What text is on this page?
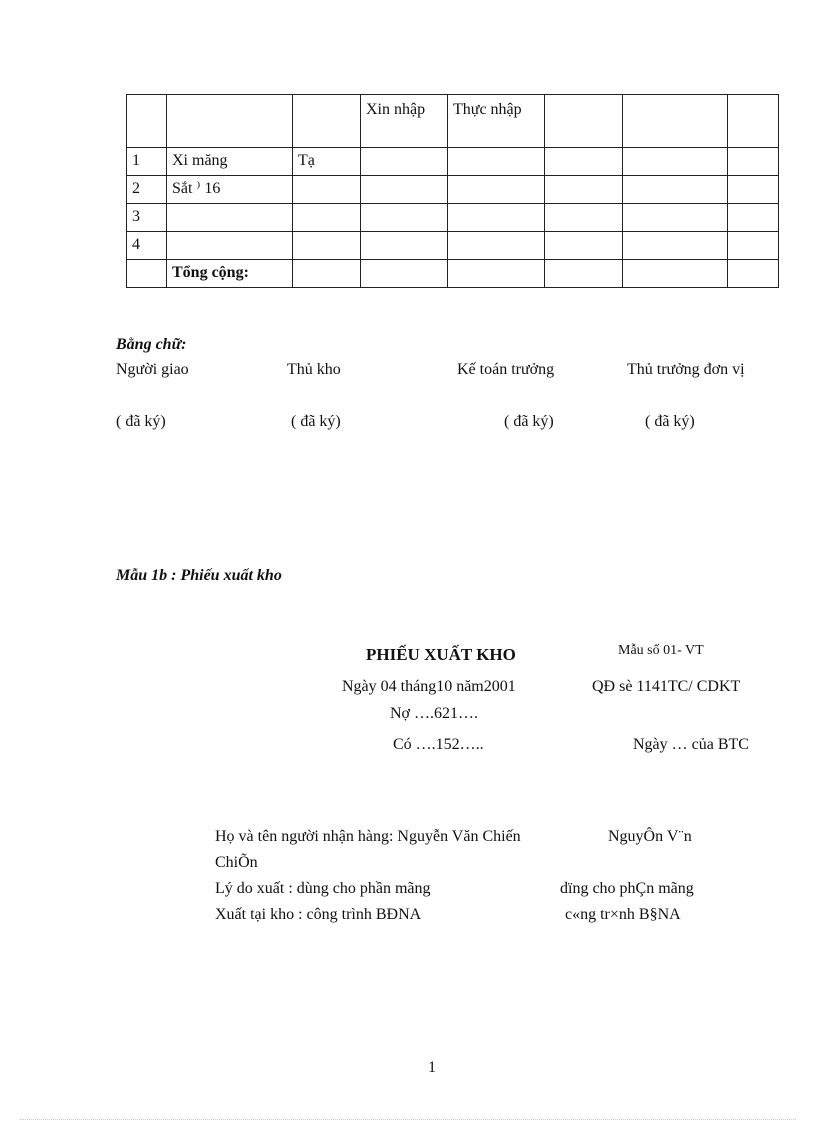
			Xin nhập	Thực nhập			
1	Xi măng	Tạ					
2	Sắt ⁾ 16						
3							
4							
	Tổng cộng:						
Bằng chữ:
Người giao	Thủ kho	Kế toán trưởng	Thủ trưởng đơn vị
( đã ký)	( đã ký)	( đã ký)	( đã ký)
Mẫu 1b : Phiếu xuất kho
PHIẾU XUẤT KHO	Mẫu số 01- VT
Ngày 04 tháng10 năm2001	QĐ sè 1141TC/ CDKT
Nợ ….621….
Có ….152…..	Ngày … của BTC
Họ và tên người nhận hàng: Nguyễn Văn Chiến	NguyÔn V¨n
ChiÕn
Lý do xuất : dùng cho phần mãng	dïng cho phÇn mãng
Xuất tại kho : công trình BĐNA	c«ng tr×nh B§NA
1
